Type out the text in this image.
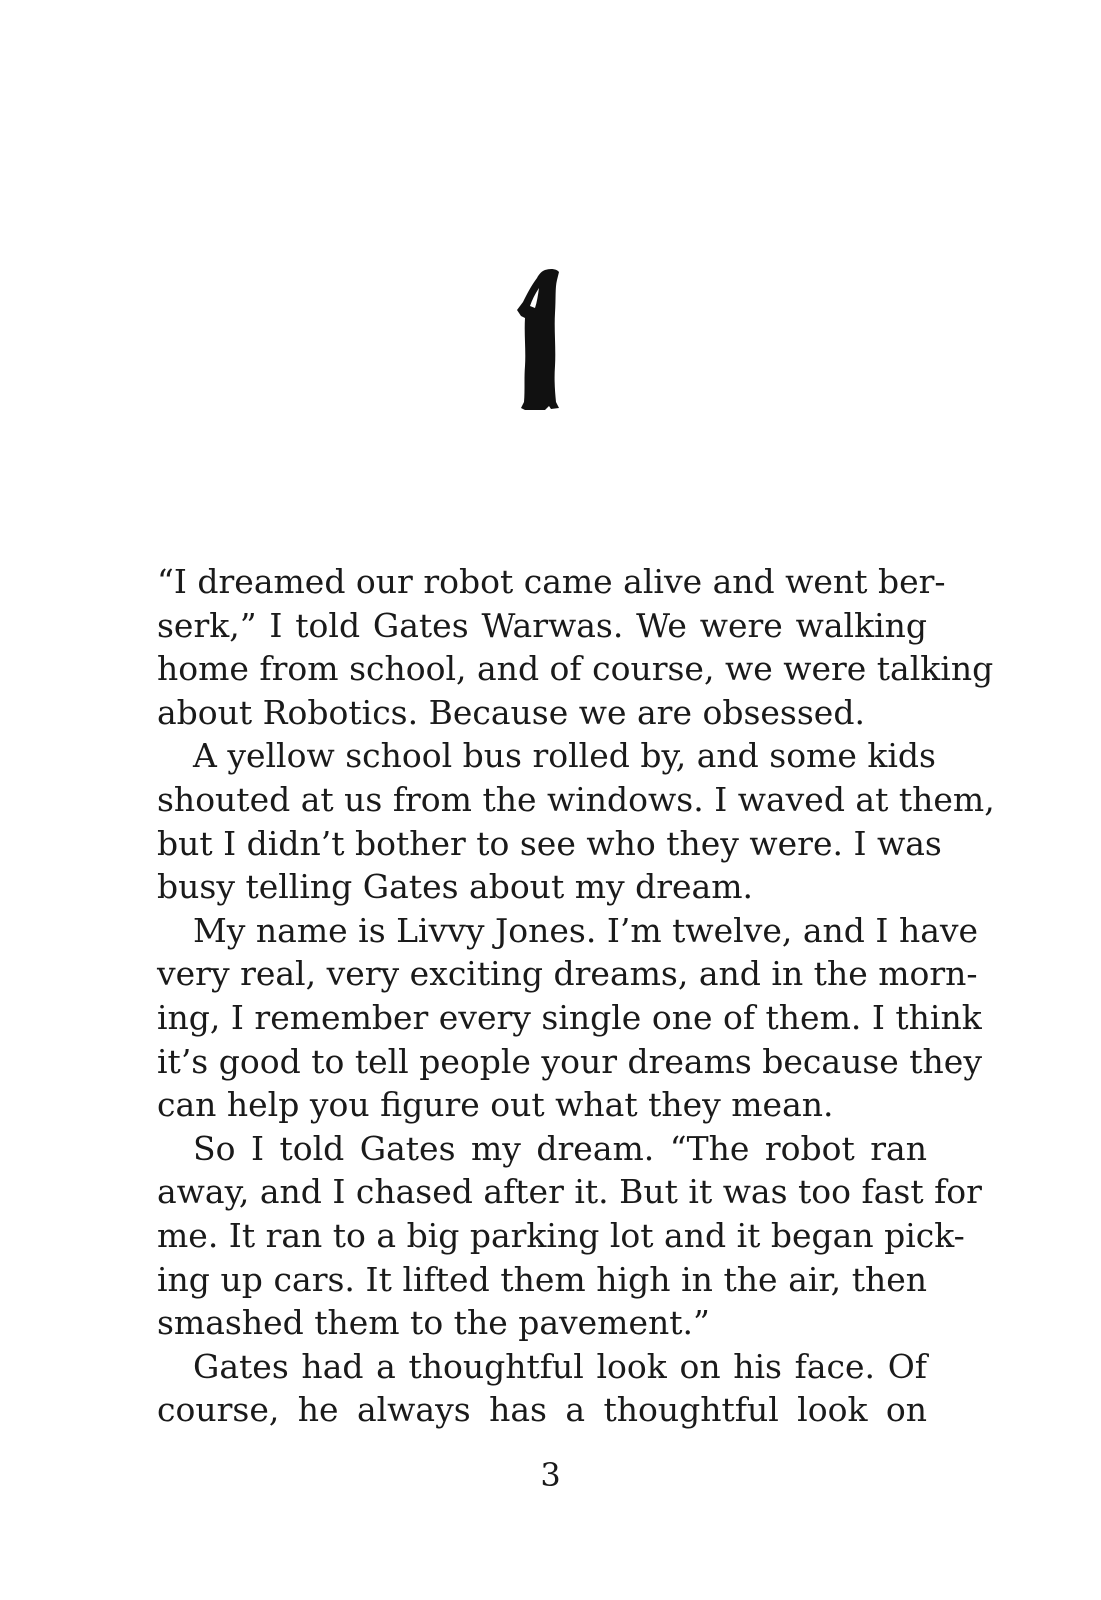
“I dreamed our robot came alive and went ber-
serk,” I told Gates Warwas. We were walking
home from school, and of course, we were talking
about Robotics. Because we are obsessed.
A yellow school bus rolled by, and some kids
shouted at us from the windows. I waved at them,
but I didn’t bother to see who they were. I was
busy telling Gates about my dream.
My name is Livvy Jones. I’m twelve, and I have
very real, very exciting dreams, and in the morn-
ing, I remember every single one of them. I think
it’s good to tell people your dreams because they
can help you figure out what they mean.
So I told Gates my dream. “The robot ran
away, and I chased after it. But it was too fast for
me. It ran to a big parking lot and it began pick-
ing up cars. It lifted them high in the air, then
smashed them to the pavement.”
Gates had a thoughtful look on his face. Of
course, he always has a thoughtful look on
3
